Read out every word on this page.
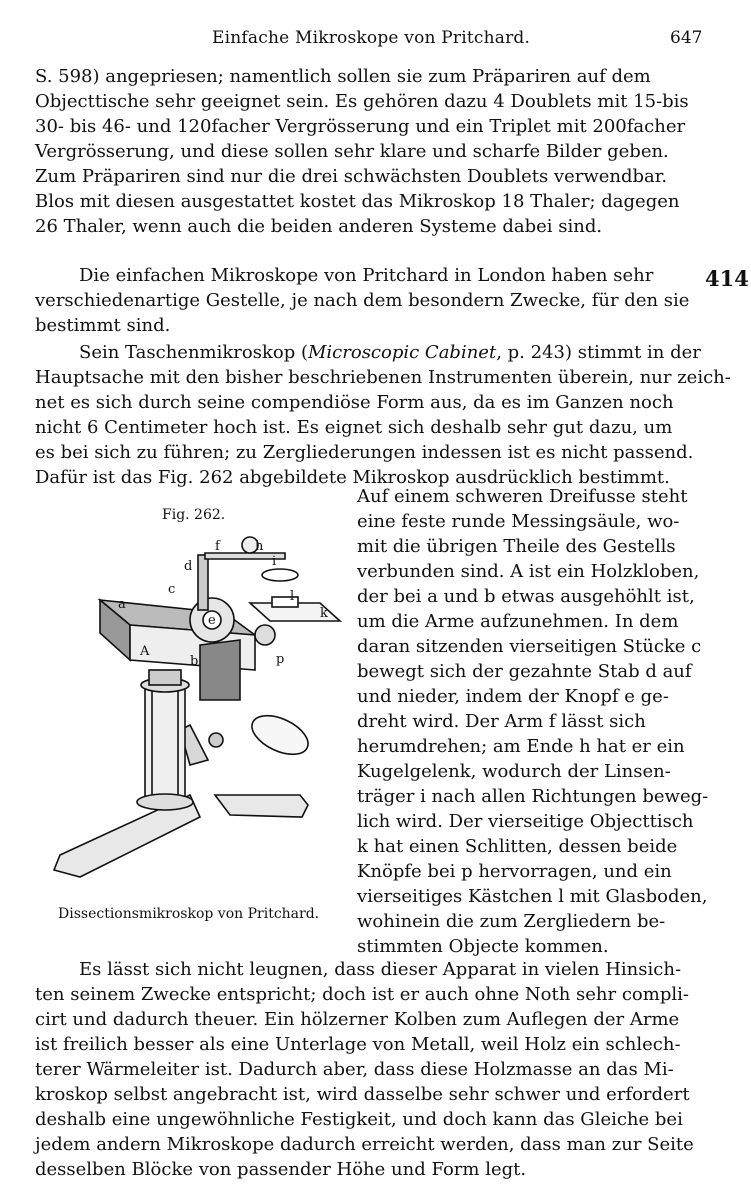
Einfache Mikroskope von Pritchard.	647
414

S. 598) angepriesen; namentlich sollen sie zum Präpariren auf dem
Objecttische sehr geeignet sein. Es gehören dazu 4 Doublets mit 15-bis
30- bis 46- und 120facher Vergrösserung und ein Triplet mit 200facher
Vergrösserung, und diese sollen sehr klare und scharfe Bilder geben.
Zum Präpariren sind nur die drei schwächsten Doublets verwendbar.
Blos mit diesen ausgestattet kostet das Mikroskop 18 Thaler; dagegen
26 Thaler, wenn auch die beiden anderen Systeme dabei sind.

Die einfachen Mikroskope von Pritchard in London haben sehr
verschiedenartige Gestelle, je nach dem besondern Zwecke, für den sie
bestimmt sind.

Sein Taschenmikroskop (Microscopic Cabinet, p. 243) stimmt in der
Hauptsache mit den bisher beschriebenen Instrumenten überein, nur zeich-
net es sich durch seine compendiöse Form aus, da es im Ganzen noch
nicht 6 Centimeter hoch ist. Es eignet sich deshalb sehr gut dazu, um
es bei sich zu führen; zu Zergliederungen indessen ist es nicht passend.
Dafür ist das Fig. 262 abgebildete Mikroskop ausdrücklich bestimmt.

Fig. 262.
a
A
b
c
d
e
f	h
i
k
l
p
Dissectionsmikroskop von Pritchard.

Auf einem schweren Dreifusse steht
eine feste runde Messingsäule, wo-
mit die übrigen Theile des Gestells
verbunden sind. A ist ein Holzkloben,
der bei a und b etwas ausgehöhlt ist,
um die Arme aufzunehmen. In dem
daran sitzenden vierseitigen Stücke c
bewegt sich der gezahnte Stab d auf
und nieder, indem der Knopf e ge-
dreht wird. Der Arm f lässt sich
herumdrehen; am Ende h hat er ein
Kugelgelenk, wodurch der Linsen-
träger i nach allen Richtungen beweg-
lich wird. Der vierseitige Objecttisch
k hat einen Schlitten, dessen beide
Knöpfe bei p hervorragen, und ein
vierseitiges Kästchen l mit Glasboden,
wohinein die zum Zergliedern be-
stimmten Objecte kommen.

Es lässt sich nicht leugnen, dass dieser Apparat in vielen Hinsich-
ten seinem Zwecke entspricht; doch ist er auch ohne Noth sehr compli-
cirt und dadurch theuer. Ein hölzerner Kolben zum Auflegen der Arme
ist freilich besser als eine Unterlage von Metall, weil Holz ein schlech-
terer Wärmeleiter ist. Dadurch aber, dass diese Holzmasse an das Mi-
kroskop selbst angebracht ist, wird dasselbe sehr schwer und erfordert
deshalb eine ungewöhnliche Festigkeit, und doch kann das Gleiche bei
jedem andern Mikroskope dadurch erreicht werden, dass man zur Seite
desselben Blöcke von passender Höhe und Form legt.
